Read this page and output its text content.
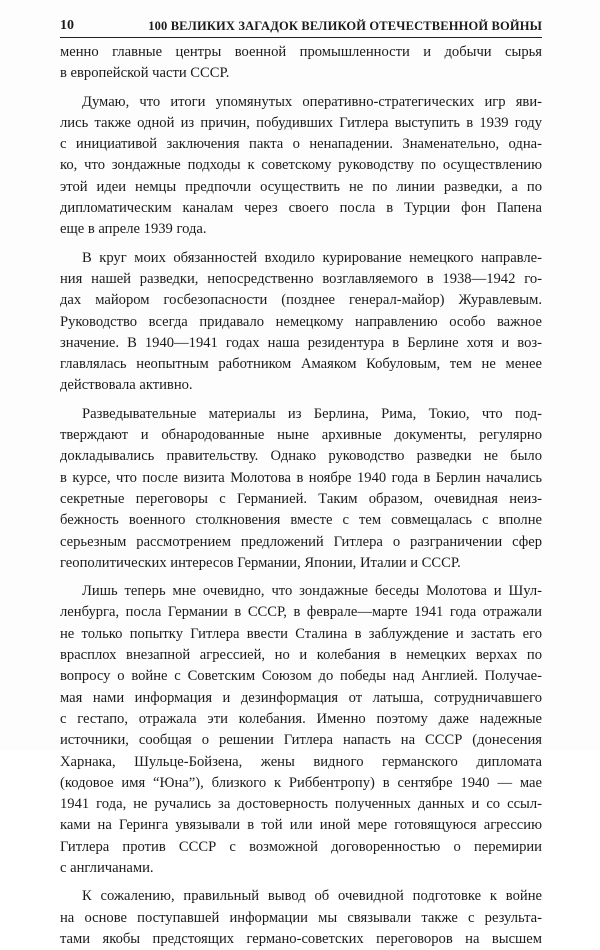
10	100 ВЕЛИКИХ ЗАГАДОК ВЕЛИКОЙ ОТЕЧЕСТВЕННОЙ ВОЙНЫ
менно главные центры военной промышленности и добычи сырья
в европейской части СССР.
Думаю, что итоги упомянутых оперативно-стратегических игр яви-
лись также одной из причин, побудивших Гитлера выступить в 1939 году
с инициативой заключения пакта о ненападении. Знаменательно, одна-
ко, что зондажные подходы к советскому руководству по осуществлению
этой идеи немцы предпочли осуществить не по линии разведки, а по
дипломатическим каналам через своего посла в Турции фон Папена
еще в апреле 1939 года.
В круг моих обязанностей входило курирование немецкого направле-
ния нашей разведки, непосредственно возглавляемого в 1938—1942 го-
дах майором госбезопасности (позднее генерал-майор) Журавлевым.
Руководство всегда придавало немецкому направлению особо важное
значение. В 1940—1941 годах наша резидентура в Берлине хотя и воз-
главлялась неопытным работником Амаяком Кобуловым, тем не менее
действовала активно.
Разведывательные материалы из Берлина, Рима, Токио, что под-
тверждают и обнародованные ныне архивные документы, регулярно
докладывались правительству. Однако руководство разведки не было
в курсе, что после визита Молотова в ноябре 1940 года в Берлин начались
секретные переговоры с Германией. Таким образом, очевидная неиз-
бежность военного столкновения вместе с тем совмещалась с вполне
серьезным рассмотрением предложений Гитлера о разграничении сфер
геополитических интересов Германии, Японии, Италии и СССР.
Лишь теперь мне очевидно, что зондажные беседы Молотова и Шул-
ленбурга, посла Германии в СССР, в феврале—марте 1941 года отражали
не только попытку Гитлера ввести Сталина в заблуждение и застать его
врасплох внезапной агрессией, но и колебания в немецких верхах по
вопросу о войне с Советским Союзом до победы над Англией. Получае-
мая нами информация и дезинформация от латыша, сотрудничавшего
с гестапо, отражала эти колебания. Именно поэтому даже надежные
источники, сообщая о решении Гитлера напасть на СССР (донесения
Харнака, Шульце-Бойзена, жены видного германского дипломата
(кодовое имя “Юна”), близкого к Риббентропу) в сентябре 1940 — мае
1941 года, не ручались за достоверность полученных данных и со ссыл-
ками на Геринга увязывали в той или иной мере готовящуюся агрессию
Гитлера против СССР с возможной договоренностью о перемирии
с англичанами.
К сожалению, правильный вывод об очевидной подготовке к войне
на основе поступавшей информации мы связывали также с результа-
тами якобы предстоящих германо-советских переговоров на высшем
